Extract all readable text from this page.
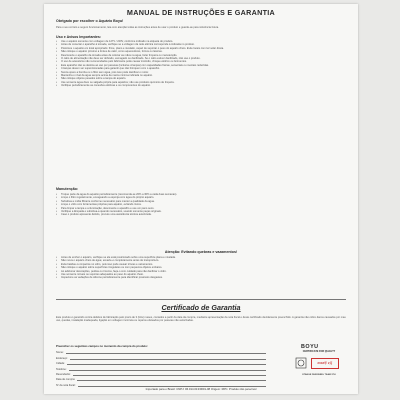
MANUAL DE INSTRUÇÕES E GARANTIA
Obrigado por escolher o Aquário Boyu!
Para o seu correto e seguro funcionamento, leia com atenção todas as instruções antes de usar o produto e guarde-as para referência futura.
Uso e Avisos Importantes:
•	Use o aquário somente com voltagem de 127V / 220V, conforme indicado na etiqueta do produto.
•	Antes de conectar o aparelho à tomada, verifique se a voltagem da rede elétrica corresponde à indicada no produto.
•	Posicione o aquário em local apropriado: firme, plano e nivelado, capaz de suportar o peso do aquário cheio. Evite locais com luz solar direta.
•	Não coloque o aquário próximo a fontes de calor, como aquecedores, fornos ou lareiras.
•	Desconecte o aparelho da tomada antes de colocar as mãos na água, fazer limpeza ou manutenção.
•	O cabo de alimentação não deve ser dobrado, esmagado ou danificado. Se o cabo estiver danificado, não use o produto.
•	O uso de acessórios não recomendados pelo fabricante pode causar incêndio, choque elétrico ou ferimentos.
•	Este aparelho não se destina ao uso por pessoas (inclusive crianças) com capacidades físicas, sensoriais ou mentais reduzidas.
•	Crianças devem ser supervisionadas para garantir que não brinquem com o aparelho.
•	Nunca opere a bomba ou o filtro sem água, pois isso pode danificar o motor.
•	Mantenha o nível da água sempre acima da marca mínima indicada no aquário.
•	Não coloque objetos pesados sobre a tampa do aquário.
•	Use somente água doce ou salgada própria para aquários; não use produtos químicos de limpeza.
•	Verifique periodicamente as conexões elétricas e os componentes do aquário.
Manutenção:
•	Troque parte da água do aquário periodicamente (recomenda-se 20% a 30% a cada duas semanas).
•	Limpe o filtro regularmente, enxaguando a esponja com água do próprio aquário.
•	Substitua a mídia filtrante conforme necessário para manter a qualidade da água.
•	Limpe o vidro com ferramentas próprias para aquário, evitando riscos.
•	Para limpar a tampa e a iluminação, desconecte o aparelho e use um pano seco.
•	Verifique a lâmpada e substitua-a quando necessário, usando somente peças originais.
•	Caso o produto apresente defeito, procure uma assistência técnica autorizada.
Atenção: Evitando quebras e vazamentos!
•	Antes de encher o aquário, verifique se ele está posicionado sobre uma superfície plana e nivelada.
•	Não mova o aquário cheio de água; esvazie-o completamente antes de transportá-lo.
•	Evite batidas ou impactos no vidro, pois isso pode causar trincas e vazamentos.
•	Não coloque o aquário sobre superfícies irregulares ou com pequenos objetos embaixo.
•	Ao adicionar decorações, pedras ou troncos, faça-o com cuidado para não danificar o vidro.
•	Use somente móveis ou suportes adequados ao peso do aquário cheio.
•	Inspecione as vedações de silicone periodicamente para identificar possíveis desgastes.
Certificado de Garantia
Este produto é garantido contra defeitos de fabricação pelo prazo de 3 (três) meses, contados a partir da data da compra, mediante apresentação da nota fiscal e deste certificado devidamente preenchido. A garantia não cobre danos causados por mau uso, quedas, instalação inadequada, ligação em voltagem incorreta ou reparos efetuados por pessoas não autorizadas.
Preencher os seguintes campos no momento da compra do produto:
Nome:
Endereço:
Cidade:
Telefone:
Revendedor:
Data de compra:
Nº da nota fiscal:
BOYU
CERTIFICATE FOR QUALITY
2018年 2月
ETANGE PASSWEEL TEAM 9TH
Importado para o Brasil: CNPJ: 06.014.013/0001-08 Origem: RPC. Produto não perecível
